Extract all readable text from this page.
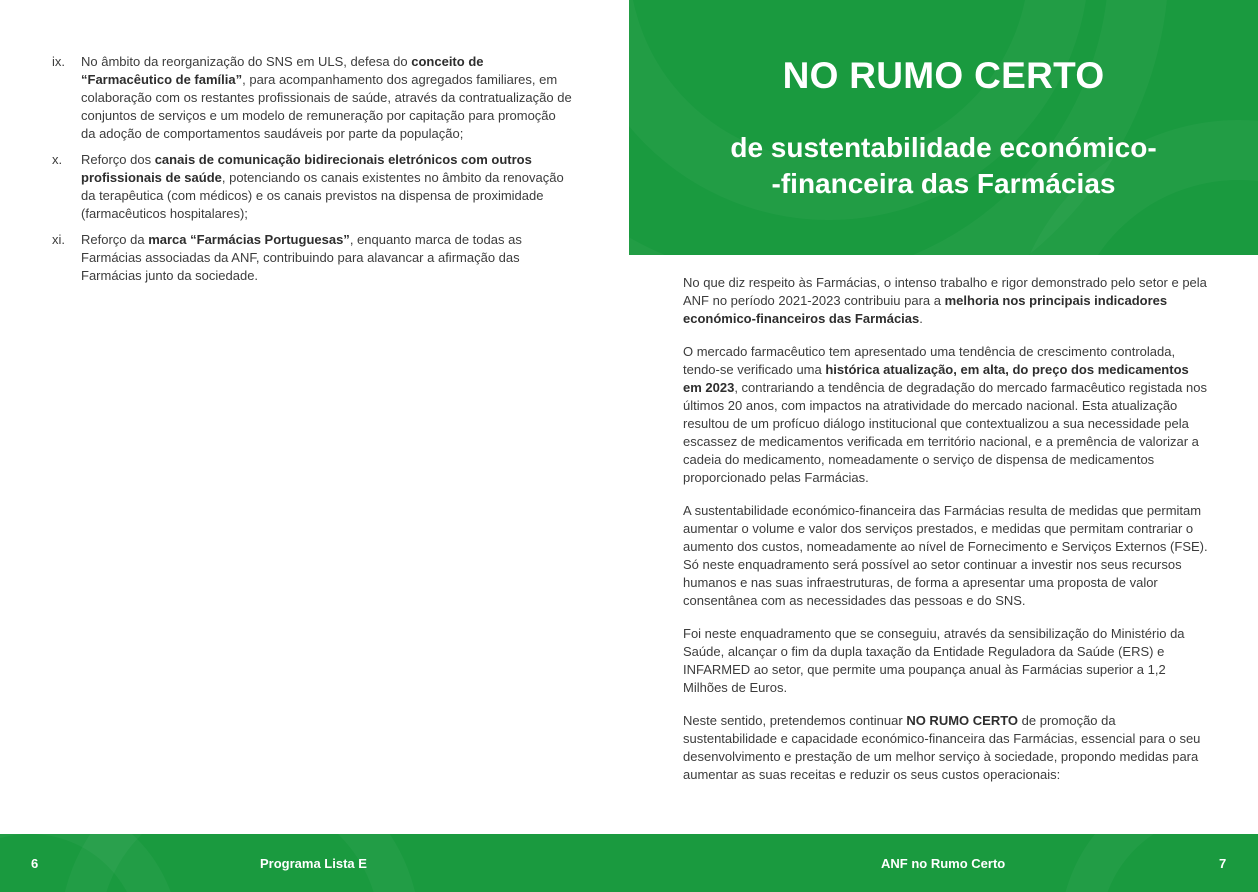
ix.	No âmbito da reorganização do SNS em ULS, defesa do conceito de “Farmacêutico de família”, para acompanhamento dos agregados familiares, em colaboração com os restantes profissionais de saúde, através da contratualização de conjuntos de serviços e um modelo de remuneração por capitação para promoção da adoção de comportamentos saudáveis por parte da população;
x.	Reforço dos canais de comunicação bidirecionais eletrónicos com outros profissionais de saúde, potenciando os canais existentes no âmbito da renovação da terapêutica (com médicos) e os canais previstos na dispensa de proximidade (farmacêuticos hospitalares);
xi.	Reforço da marca “Farmácias Portuguesas”, enquanto marca de todas as Farmácias associadas da ANF, contribuindo para alavancar a afirmação das Farmácias junto da sociedade.
NO RUMO CERTO
de sustentabilidade económico-
-financeira das Farmácias

No que diz respeito às Farmácias, o intenso trabalho e rigor demonstrado pelo setor e pela ANF no período 2021-2023 contribuiu para a melhoria nos principais indicadores económico-financeiros das Farmácias.

O mercado farmacêutico tem apresentado uma tendência de crescimento controlada, tendo-se verificado uma histórica atualização, em alta, do preço dos medicamentos em 2023, contrariando a tendência de degradação do mercado farmacêutico registada nos últimos 20 anos, com impactos na atratividade do mercado nacional. Esta atualização resultou de um profícuo diálogo institucional que contextualizou a sua necessidade pela escassez de medicamentos verificada em território nacional, e a premência de valorizar a cadeia do medicamento, nomeadamente o serviço de dispensa de medicamentos proporcionado pelas Farmácias.

A sustentabilidade económico-financeira das Farmácias resulta de medidas que permitam aumentar o volume e valor dos serviços prestados, e medidas que permitam contrariar o aumento dos custos, nomeadamente ao nível de Fornecimento e Serviços Externos (FSE). Só neste enquadramento será possível ao setor continuar a investir nos seus recursos humanos e nas suas infraestruturas, de forma a apresentar uma proposta de valor consentânea com as necessidades das pessoas e do SNS.

Foi neste enquadramento que se conseguiu, através da sensibilização do Ministério da Saúde, alcançar o fim da dupla taxação da Entidade Reguladora da Saúde (ERS) e INFARMED ao setor, que permite uma poupança anual às Farmácias superior a 1,2 Milhões de Euros.

Neste sentido, pretendemos continuar NO RUMO CERTO de promoção da sustentabilidade e capacidade económico-financeira das Farmácias, essencial para o seu desenvolvimento e prestação de um melhor serviço à sociedade, propondo medidas para aumentar as suas receitas e reduzir os seus custos operacionais:

6	Programa Lista E	ANF no Rumo Certo	7
